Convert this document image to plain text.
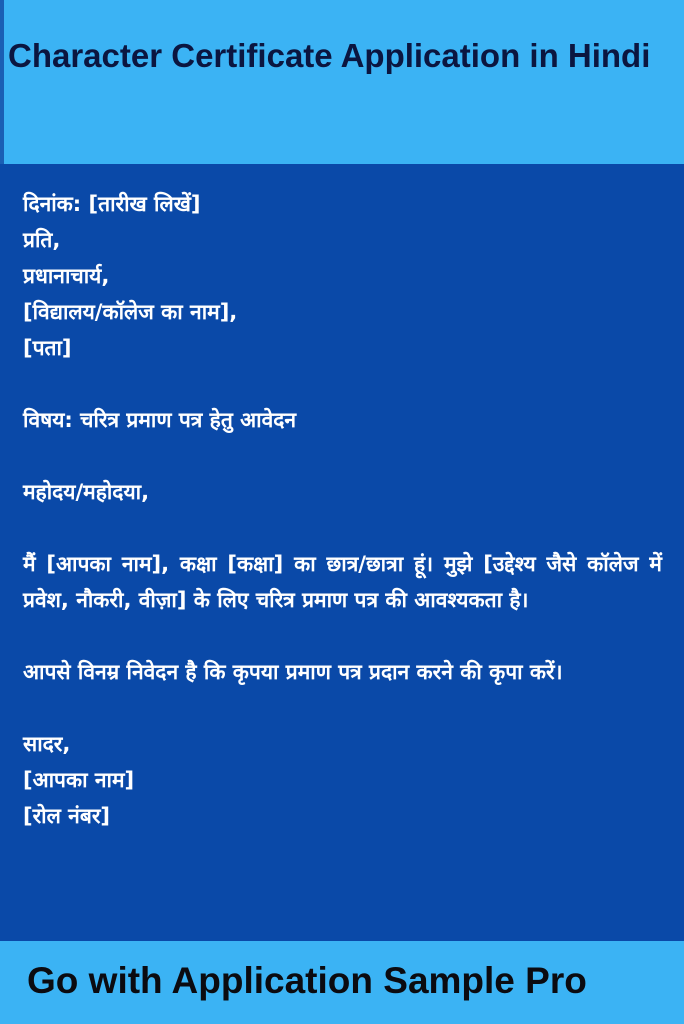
Character Certificate Application in Hindi
दिनांक: [तारीख लिखें]
प्रति,
प्रधानाचार्य,
[विद्यालय/कॉलेज का नाम],
[पता]
विषय: चरित्र प्रमाण पत्र हेतु आवेदन
महोदय/महोदया,
मैं [आपका नाम], कक्षा [कक्षा] का छात्र/छात्रा हूं। मुझे [उद्देश्य जैसे कॉलेज में प्रवेश, नौकरी, वीज़ा] के लिए चरित्र प्रमाण पत्र की आवश्यकता है।
आपसे विनम्र निवेदन है कि कृपया प्रमाण पत्र प्रदान करने की कृपा करें।
सादर,
[आपका नाम]
[रोल नंबर]

Go with Application Sample Pro
